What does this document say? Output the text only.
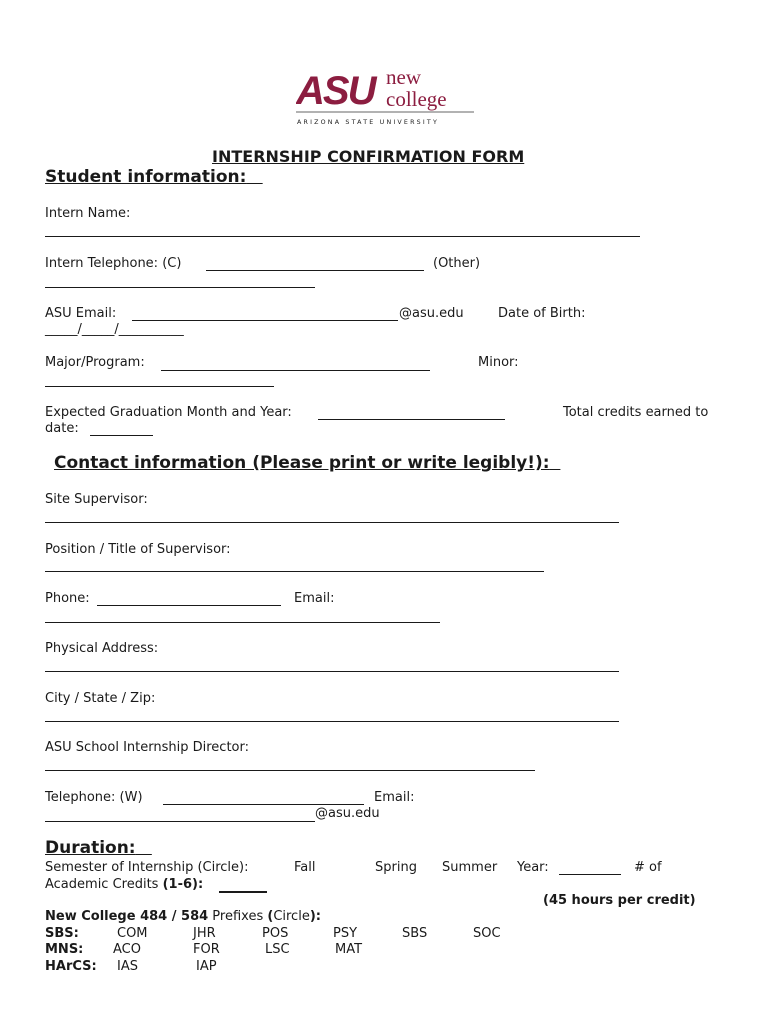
ASU new
college
ARIZONA STATE UNIVERSITY
INTERNSHIP CONFIRMATION FORM
Student information:
Intern Name:
Intern Telephone: (C)	(Other)
ASU Email:	@asu.edu	Date of Birth:
_____/_____/__________
Major/Program:	Minor:
Expected Graduation Month and Year:	Total credits earned to
date:
Contact information (Please print or write legibly!):
Site Supervisor:
Position / Title of Supervisor:
Phone:	Email:
Physical Address:
City / State / Zip:
ASU School Internship Director:
Telephone: (W)	Email:
@asu.edu
Duration:
Semester of Internship (Circle):	Fall	Spring Summer Year:	# of
Academic Credits (1-6):
(45 hours per credit)
New College 484 / 584 Prefixes (Circle):
SBS:	COM	JHR	POS	PSY	SBS	SOC
MNS: ACO	FOR	LSC	MAT
HArCS: IAS	IAP
